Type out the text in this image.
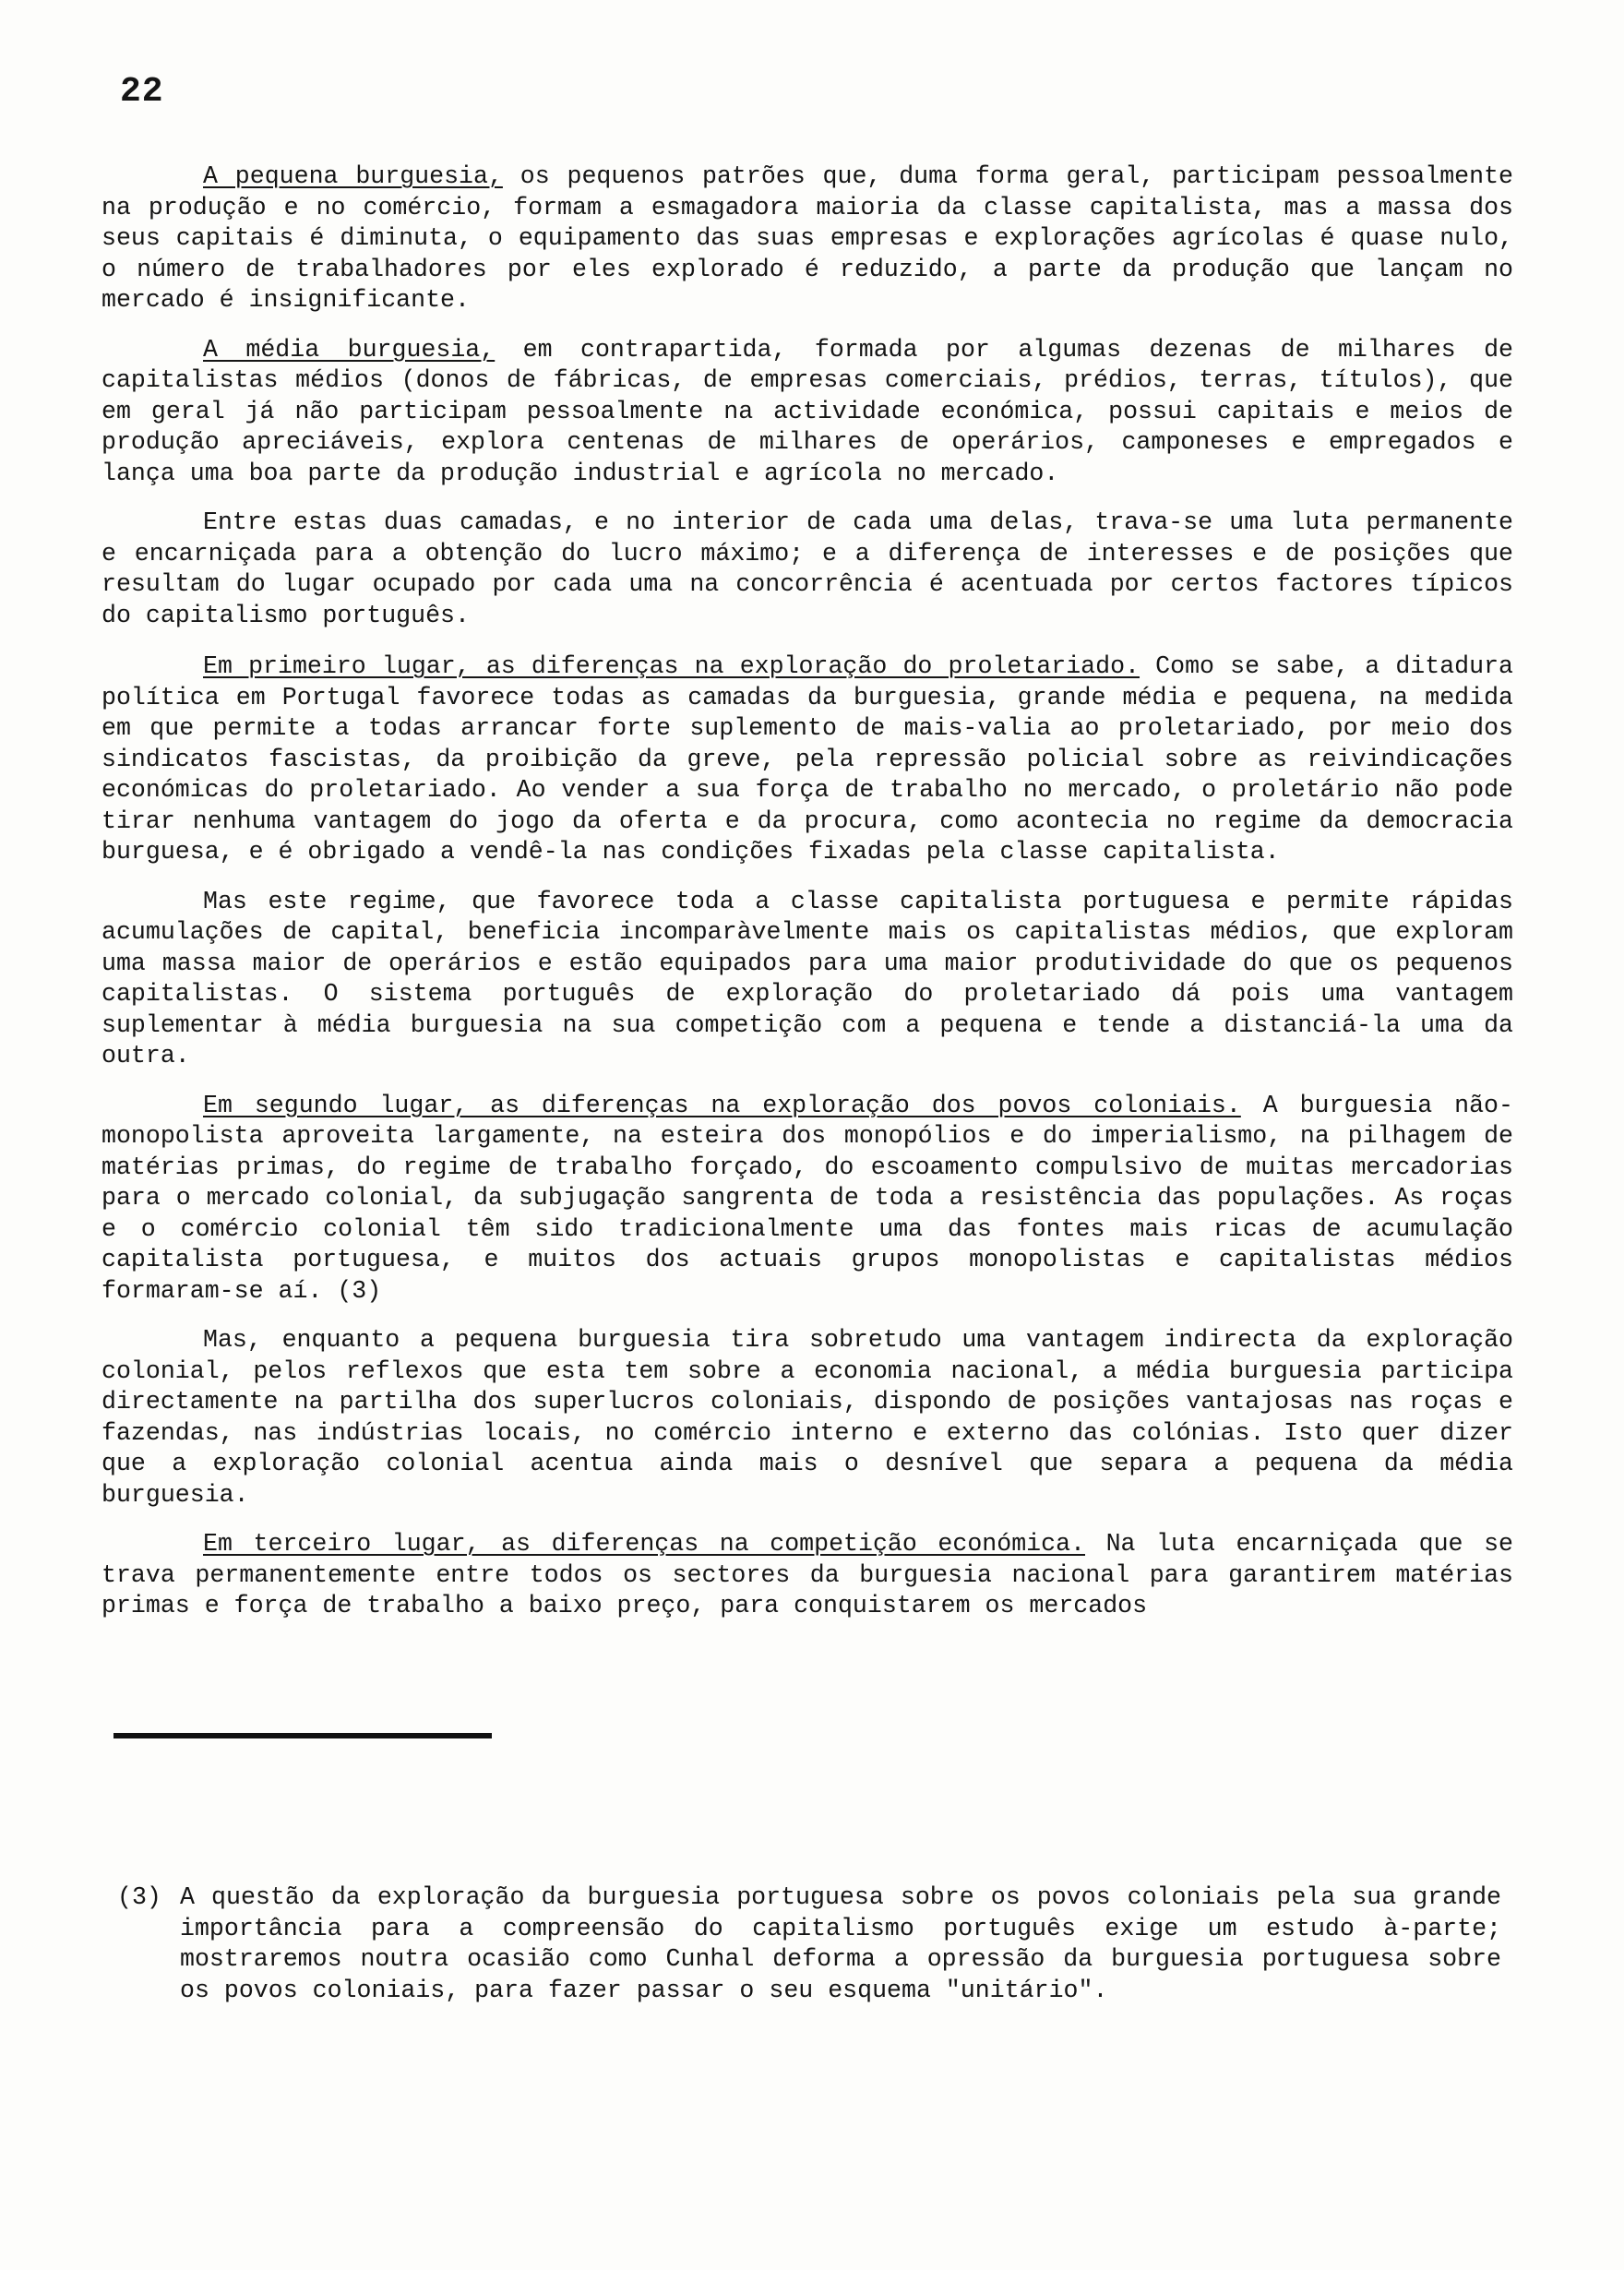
22

A pequena burguesia, os pequenos patrões que, duma forma geral, participam pessoalmente na produção e no comércio, formam a esmagadora maioria da classe capitalista, mas a massa dos seus capitais é diminuta, o equipamento das suas empresas e explorações agrícolas é quase nulo, o número de trabalhadores por eles explorado é reduzido, a parte da produção que lançam no mercado é insignificante.

A média burguesia, em contrapartida, formada por algumas dezenas de milhares de capitalistas médios (donos de fábricas, de empresas comerciais, prédios, terras, títulos), que em geral já não participam pessoalmente na actividade económica, possui capitais e meios de produção apreciáveis, explora centenas de milhares de operários, camponeses e empregados e lança uma boa parte da produção industrial e agrícola no mercado.

Entre estas duas camadas, e no interior de cada uma delas, trava-se uma luta permanente e encarniçada para a obtenção do lucro máximo; e a diferença de interesses e de posições que resultam do lugar ocupado por cada uma na concorrência é acentuada por certos factores típicos do capitalismo português.

Em primeiro lugar, as diferenças na exploração do proletariado. Como se sabe, a ditadura política em Portugal favorece todas as camadas da burguesia, grande média e pequena, na medida em que permite a todas arrancar forte suplemento de mais-valia ao proletariado, por meio dos sindicatos fascistas, da proibição da greve, pela repressão policial sobre as reivindicações económicas do proletariado. Ao vender a sua força de trabalho no mercado, o proletário não pode tirar nenhuma vantagem do jogo da oferta e da procura, como acontecia no regime da democracia burguesa, e é obrigado a vendê-la nas condições fixadas pela classe capitalista.

Mas este regime, que favorece toda a classe capitalista portuguesa e permite rápidas acumulações de capital, beneficia incomparàvelmente mais os capitalistas médios, que exploram uma massa maior de operários e estão equipados para uma maior produtividade do que os pequenos capitalistas. O sistema português de exploração do proletariado dá pois uma vantagem suplementar à média burguesia na sua competição com a pequena e tende a distanciá-la uma da outra.

Em segundo lugar, as diferenças na exploração dos povos coloniais. A burguesia não-monopolista aproveita largamente, na esteira dos monopólios e do imperialismo, na pilhagem de matérias primas, do regime de trabalho forçado, do escoamento compulsivo de muitas mercadorias para o mercado colonial, da subjugação sangrenta de toda a resistência das populações. As roças e o comércio colonial têm sido tradicionalmente uma das fontes mais ricas de acumulação capitalista portuguesa, e muitos dos actuais grupos monopolistas e capitalistas médios formaram-se aí. (3)

Mas, enquanto a pequena burguesia tira sobretudo uma vantagem indirecta da exploração colonial, pelos reflexos que esta tem sobre a economia nacional, a média burguesia participa directamente na partilha dos superlucros coloniais, dispondo de posições vantajosas nas roças e fazendas, nas indústrias locais, no comércio interno e externo das colónias. Isto quer dizer que a exploração colonial acentua ainda mais o desnível que separa a pequena da média burguesia.

Em terceiro lugar, as diferenças na competição económica. Na luta encarniçada que se trava permanentemente entre todos os sectores da burguesia nacional para garantirem matérias primas e força de trabalho a baixo preço, para conquistarem os mercados

(3) A questão da exploração da burguesia portuguesa sobre os povos coloniais pela sua grande importância para a compreensão do capitalismo português exige um estudo à-parte; mostraremos noutra ocasião como Cunhal deforma a opressão da burguesia portuguesa sobre os povos coloniais, para fazer passar o seu esquema "unitário".
